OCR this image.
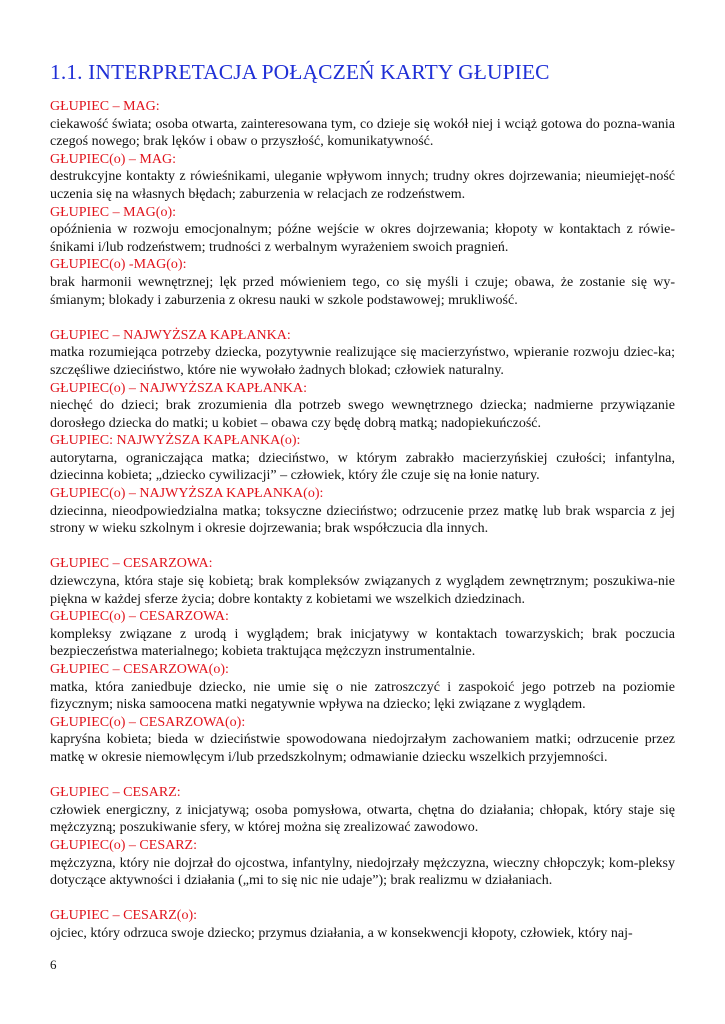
1.1. INTERPRETACJA POŁĄCZEŃ KARTY GŁUPIEC
GŁUPIEC – MAG:
ciekawość świata; osoba otwarta, zainteresowana tym, co dzieje się wokół niej i wciąż gotowa do pozna-wania czegoś nowego; brak lęków i obaw o przyszłość, komunikatywność.
GŁUPIEC(o) – MAG:
destrukcyjne kontakty z rówieśnikami, uleganie wpływom innych; trudny okres dojrzewania; nieumiejęt-ność uczenia się na własnych błędach; zaburzenia w relacjach ze rodzeństwem.
GŁUPIEC – MAG(o):
opóźnienia w rozwoju emocjonalnym; późne wejście w okres dojrzewania; kłopoty w kontaktach z rówie-śnikami i/lub rodzeństwem; trudności z werbalnym wyrażeniem swoich pragnień.
GŁUPIEC(o) -MAG(o):
brak harmonii wewnętrznej; lęk przed mówieniem tego, co się myśli i czuje; obawa, że zostanie się wy-śmianym; blokady i zaburzenia z okresu nauki w szkole podstawowej; mrukliwość.
GŁUPIEC – NAJWYŻSZA KAPŁANKA:
matka rozumiejąca potrzeby dziecka, pozytywnie realizujące się macierzyństwo, wpieranie rozwoju dziec-ka; szczęśliwe dzieciństwo, które nie wywołało żadnych blokad; człowiek naturalny.
GŁUPIEC(o) – NAJWYŻSZA KAPŁANKA:
niechęć do dzieci; brak zrozumienia dla potrzeb swego wewnętrznego dziecka; nadmierne przywiązanie dorosłego dziecka do matki; u kobiet – obawa czy będę dobrą matką; nadopiekuńczość.
GŁUPIEC: NAJWYŻSZA KAPŁANKA(o):
autorytarna, ograniczająca matka; dzieciństwo, w którym zabrakło macierzyńskiej czułości; infantylna, dziecinna kobieta; „dziecko cywilizacji” – człowiek, który źle czuje się na łonie natury.
GŁUPIEC(o) – NAJWYŻSZA KAPŁANKA(o):
dziecinna, nieodpowiedzialna matka; toksyczne dzieciństwo; odrzucenie przez matkę lub brak wsparcia z jej strony w wieku szkolnym i okresie dojrzewania; brak współczucia dla innych.
GŁUPIEC – CESARZOWA:
dziewczyna, która staje się kobietą; brak kompleksów związanych z wyglądem zewnętrznym; poszukiwa-nie piękna w każdej sferze życia; dobre kontakty z kobietami we wszelkich dziedzinach.
GŁUPIEC(o) – CESARZOWA:
kompleksy związane z urodą i wyglądem; brak inicjatywy w kontaktach towarzyskich; brak poczucia bezpieczeństwa materialnego; kobieta traktująca mężczyzn instrumentalnie.
GŁUPIEC – CESARZOWA(o):
matka, która zaniedbuje dziecko, nie umie się o nie zatroszczyć i zaspokoić jego potrzeb na poziomie fizycznym; niska samoocena matki negatywnie wpływa na dziecko; lęki związane z wyglądem.
GŁUPIEC(o) – CESARZOWA(o):
kapryśna kobieta; bieda w dzieciństwie spowodowana niedojrzałym zachowaniem matki; odrzucenie przez matkę w okresie niemowlęcym i/lub przedszkolnym; odmawianie dziecku wszelkich przyjemności.
GŁUPIEC – CESARZ:
człowiek energiczny, z inicjatywą; osoba pomysłowa, otwarta, chętna do działania; chłopak, który staje się mężczyzną; poszukiwanie sfery, w której można się zrealizować zawodowo.
GŁUPIEC(o) – CESARZ:
mężczyzna, który nie dojrzał do ojcostwa, infantylny, niedojrzały mężczyzna, wieczny chłopczyk; kom-pleksy dotyczące aktywności i działania („mi to się nic nie udaje”); brak realizmu w działaniach.
GŁUPIEC – CESARZ(o):
ojciec, który odrzuca swoje dziecko; przymus działania, a w konsekwencji kłopoty, człowiek, który naj-
6
